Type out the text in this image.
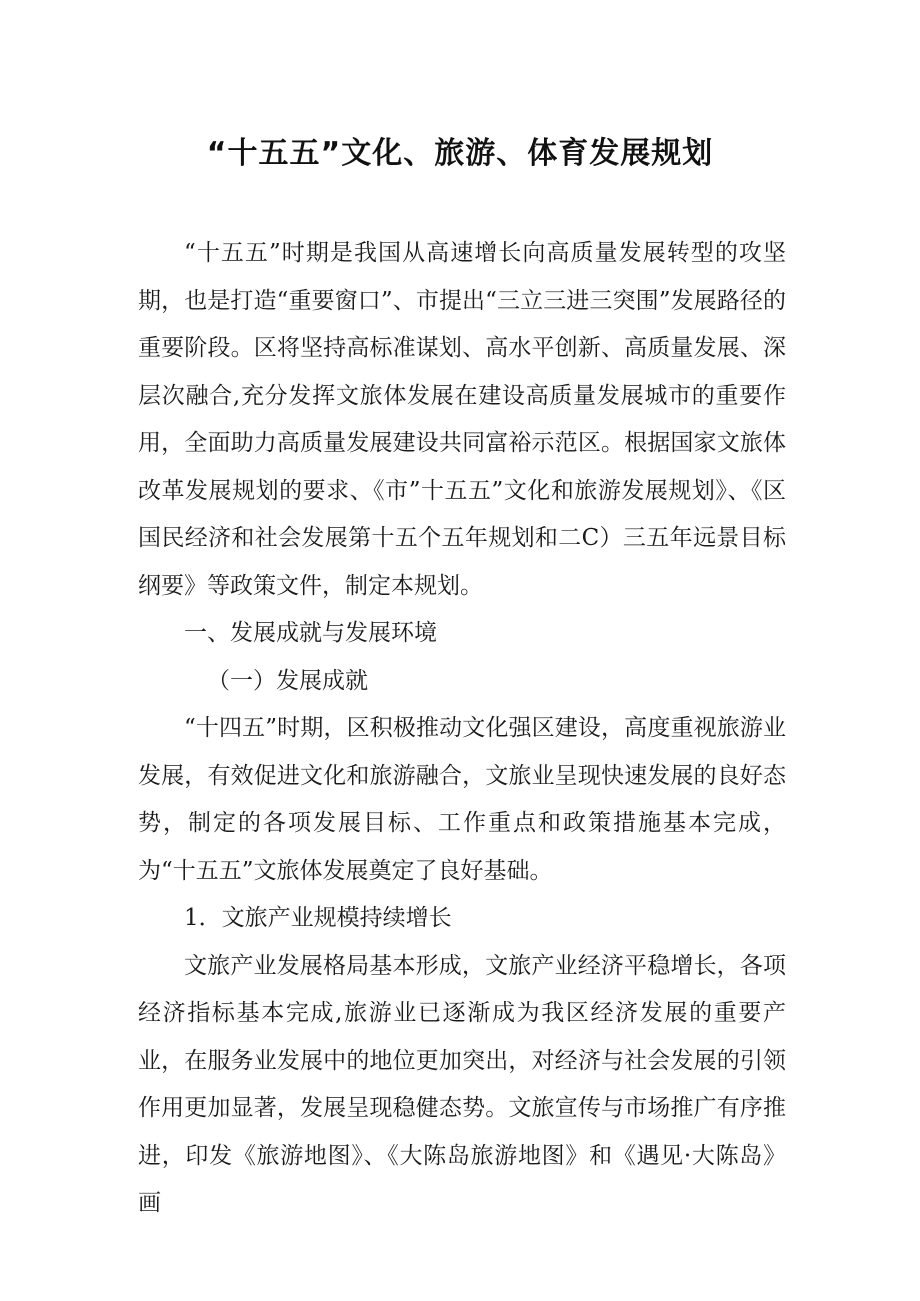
“十五五”文化、旅游、体育发展规划

“十五五”时期是我国从高速增长向高质量发展转型的攻坚期，也是打造“重要窗口”、市提出“三立三进三突围”发展路径的重要阶段。区将坚持高标准谋划、高水平创新、高质量发展、深层次融合,充分发挥文旅体发展在建设高质量发展城市的重要作用，全面助力高质量发展建设共同富裕示范区。根据国家文旅体改革发展规划的要求、《市”十五五”文化和旅游发展规划》、《区国民经济和社会发展第十五个五年规划和二C）三五年远景目标纲要》等政策文件，制定本规划。

一、发展成就与发展环境

（一）发展成就

“十四五”时期，区积极推动文化强区建设，高度重视旅游业发展，有效促进文化和旅游融合，文旅业呈现快速发展的良好态势，制定的各项发展目标、工作重点和政策措施基本完成，为“十五五”文旅体发展奠定了良好基础。

1．文旅产业规模持续增长

文旅产业发展格局基本形成，文旅产业经济平稳增长，各项经济指标基本完成,旅游业已逐渐成为我区经济发展的重要产业，在服务业发展中的地位更加突出，对经济与社会发展的引领作用更加显著，发展呈现稳健态势。文旅宣传与市场推广有序推进，印发《旅游地图》、《大陈岛旅游地图》和《遇见·大陈岛》画
